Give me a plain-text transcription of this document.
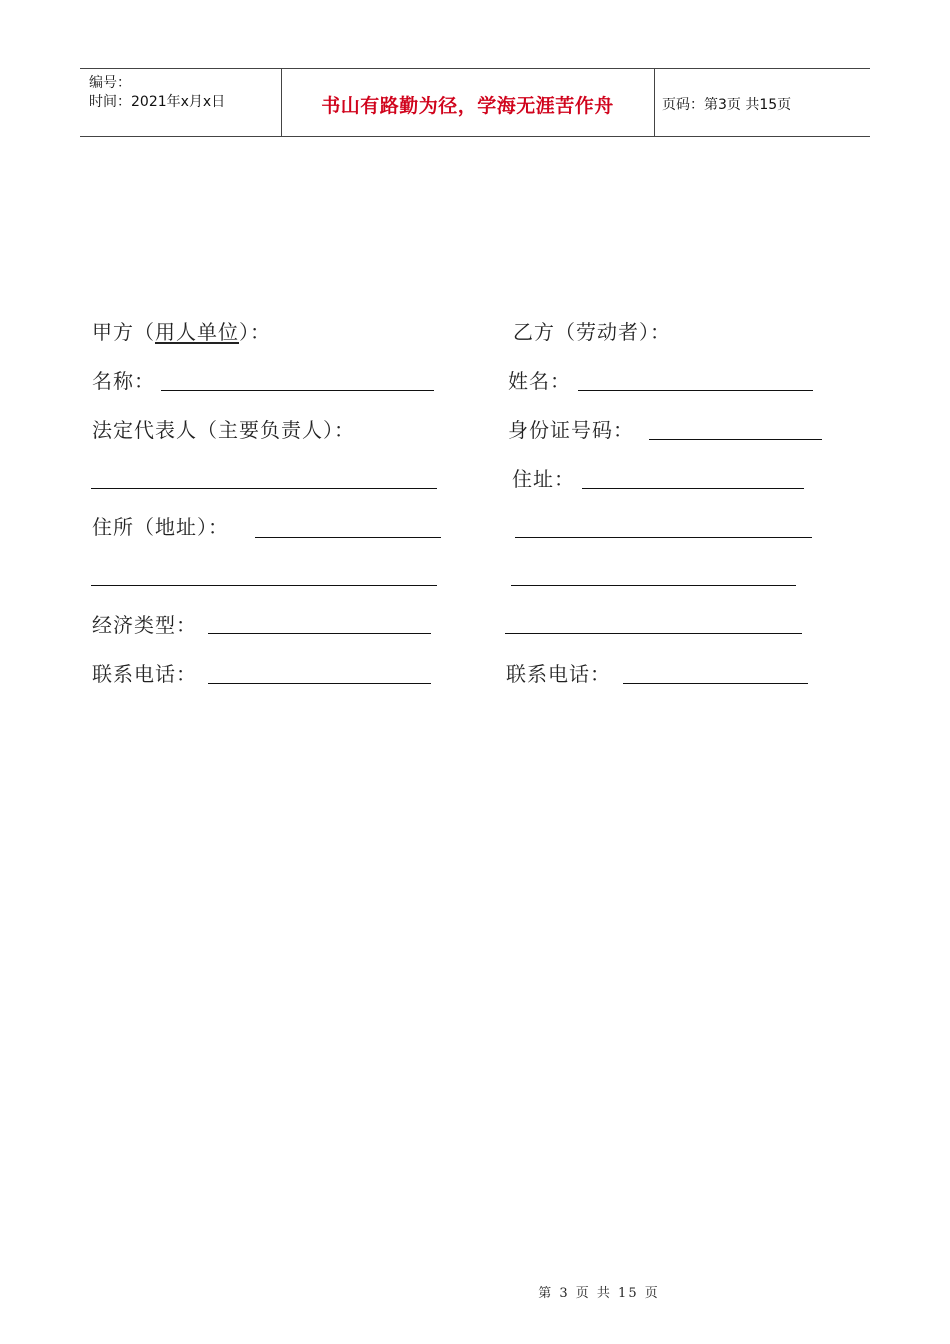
编号：
时间：2021年x月x日	书山有路勤为径，学海无涯苦作舟	页码：第3页 共15页
甲方（用人单位）：
名称：
法定代表人（主要负责人）：
住所（地址）：
经济类型：
联系电话：
乙方（劳动者）：
姓名：
身份证号码：
住址：
联系电话：
第 3 页 共 15 页
